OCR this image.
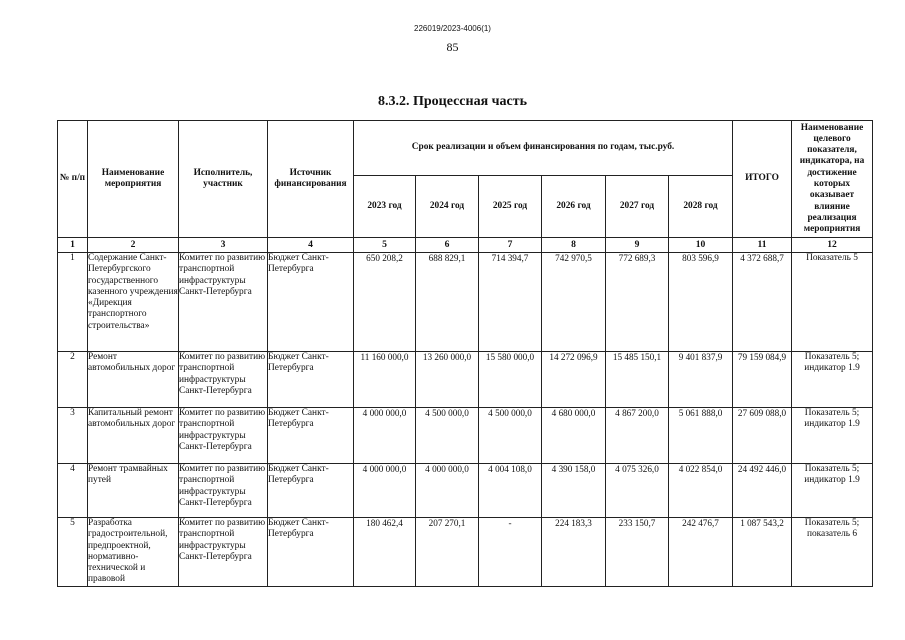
226019/2023-4006(1)
85
8.3.2. Процессная часть
№ п/п	Наименование мероприятия	Исполнитель, участник	Источник финансирования	Срок реализации и объем финансирования по годам, тыс.руб.						ИТОГО	Наименование целевого показателя, индикатора, на достижение которых оказывает влияние реализация мероприятия
				2023 год	2024 год	2025 год	2026 год	2027 год	2028 год		
1	2	3	4	5	6	7	8	9	10	11	12
1	Содержание Санкт-Петербургского государственного казенного учреждения «Дирекция транспортного строительства»	Комитет по развитию транспортной инфраструктуры Санкт-Петербурга	Бюджет Санкт-Петербурга	650 208,2	688 829,1	714 394,7	742 970,5	772 689,3	803 596,9	4 372 688,7	Показатель 5
2	Ремонт автомобильных дорог	Комитет по развитию транспортной инфраструктуры Санкт-Петербурга	Бюджет Санкт-Петербурга	11 160 000,0	13 260 000,0	15 580 000,0	14 272 096,9	15 485 150,1	9 401 837,9	79 159 084,9	Показатель 5; индикатор 1.9
3	Капитальный ремонт автомобильных дорог	Комитет по развитию транспортной инфраструктуры Санкт-Петербурга	Бюджет Санкт-Петербурга	4 000 000,0	4 500 000,0	4 500 000,0	4 680 000,0	4 867 200,0	5 061 888,0	27 609 088,0	Показатель 5; индикатор 1.9
4	Ремонт трамвайных путей	Комитет по развитию транспортной инфраструктуры Санкт-Петербурга	Бюджет Санкт-Петербурга	4 000 000,0	4 000 000,0	4 004 108,0	4 390 158,0	4 075 326,0	4 022 854,0	24 492 446,0	Показатель 5; индикатор 1.9
5	Разработка градостроительной, предпроектной, нормативно-технической и правовой	Комитет по развитию транспортной инфраструктуры Санкт-Петербурга	Бюджет Санкт-Петербурга	180 462,4	207 270,1	-	224 183,3	233 150,7	242 476,7	1 087 543,2	Показатель 5; показатель 6
